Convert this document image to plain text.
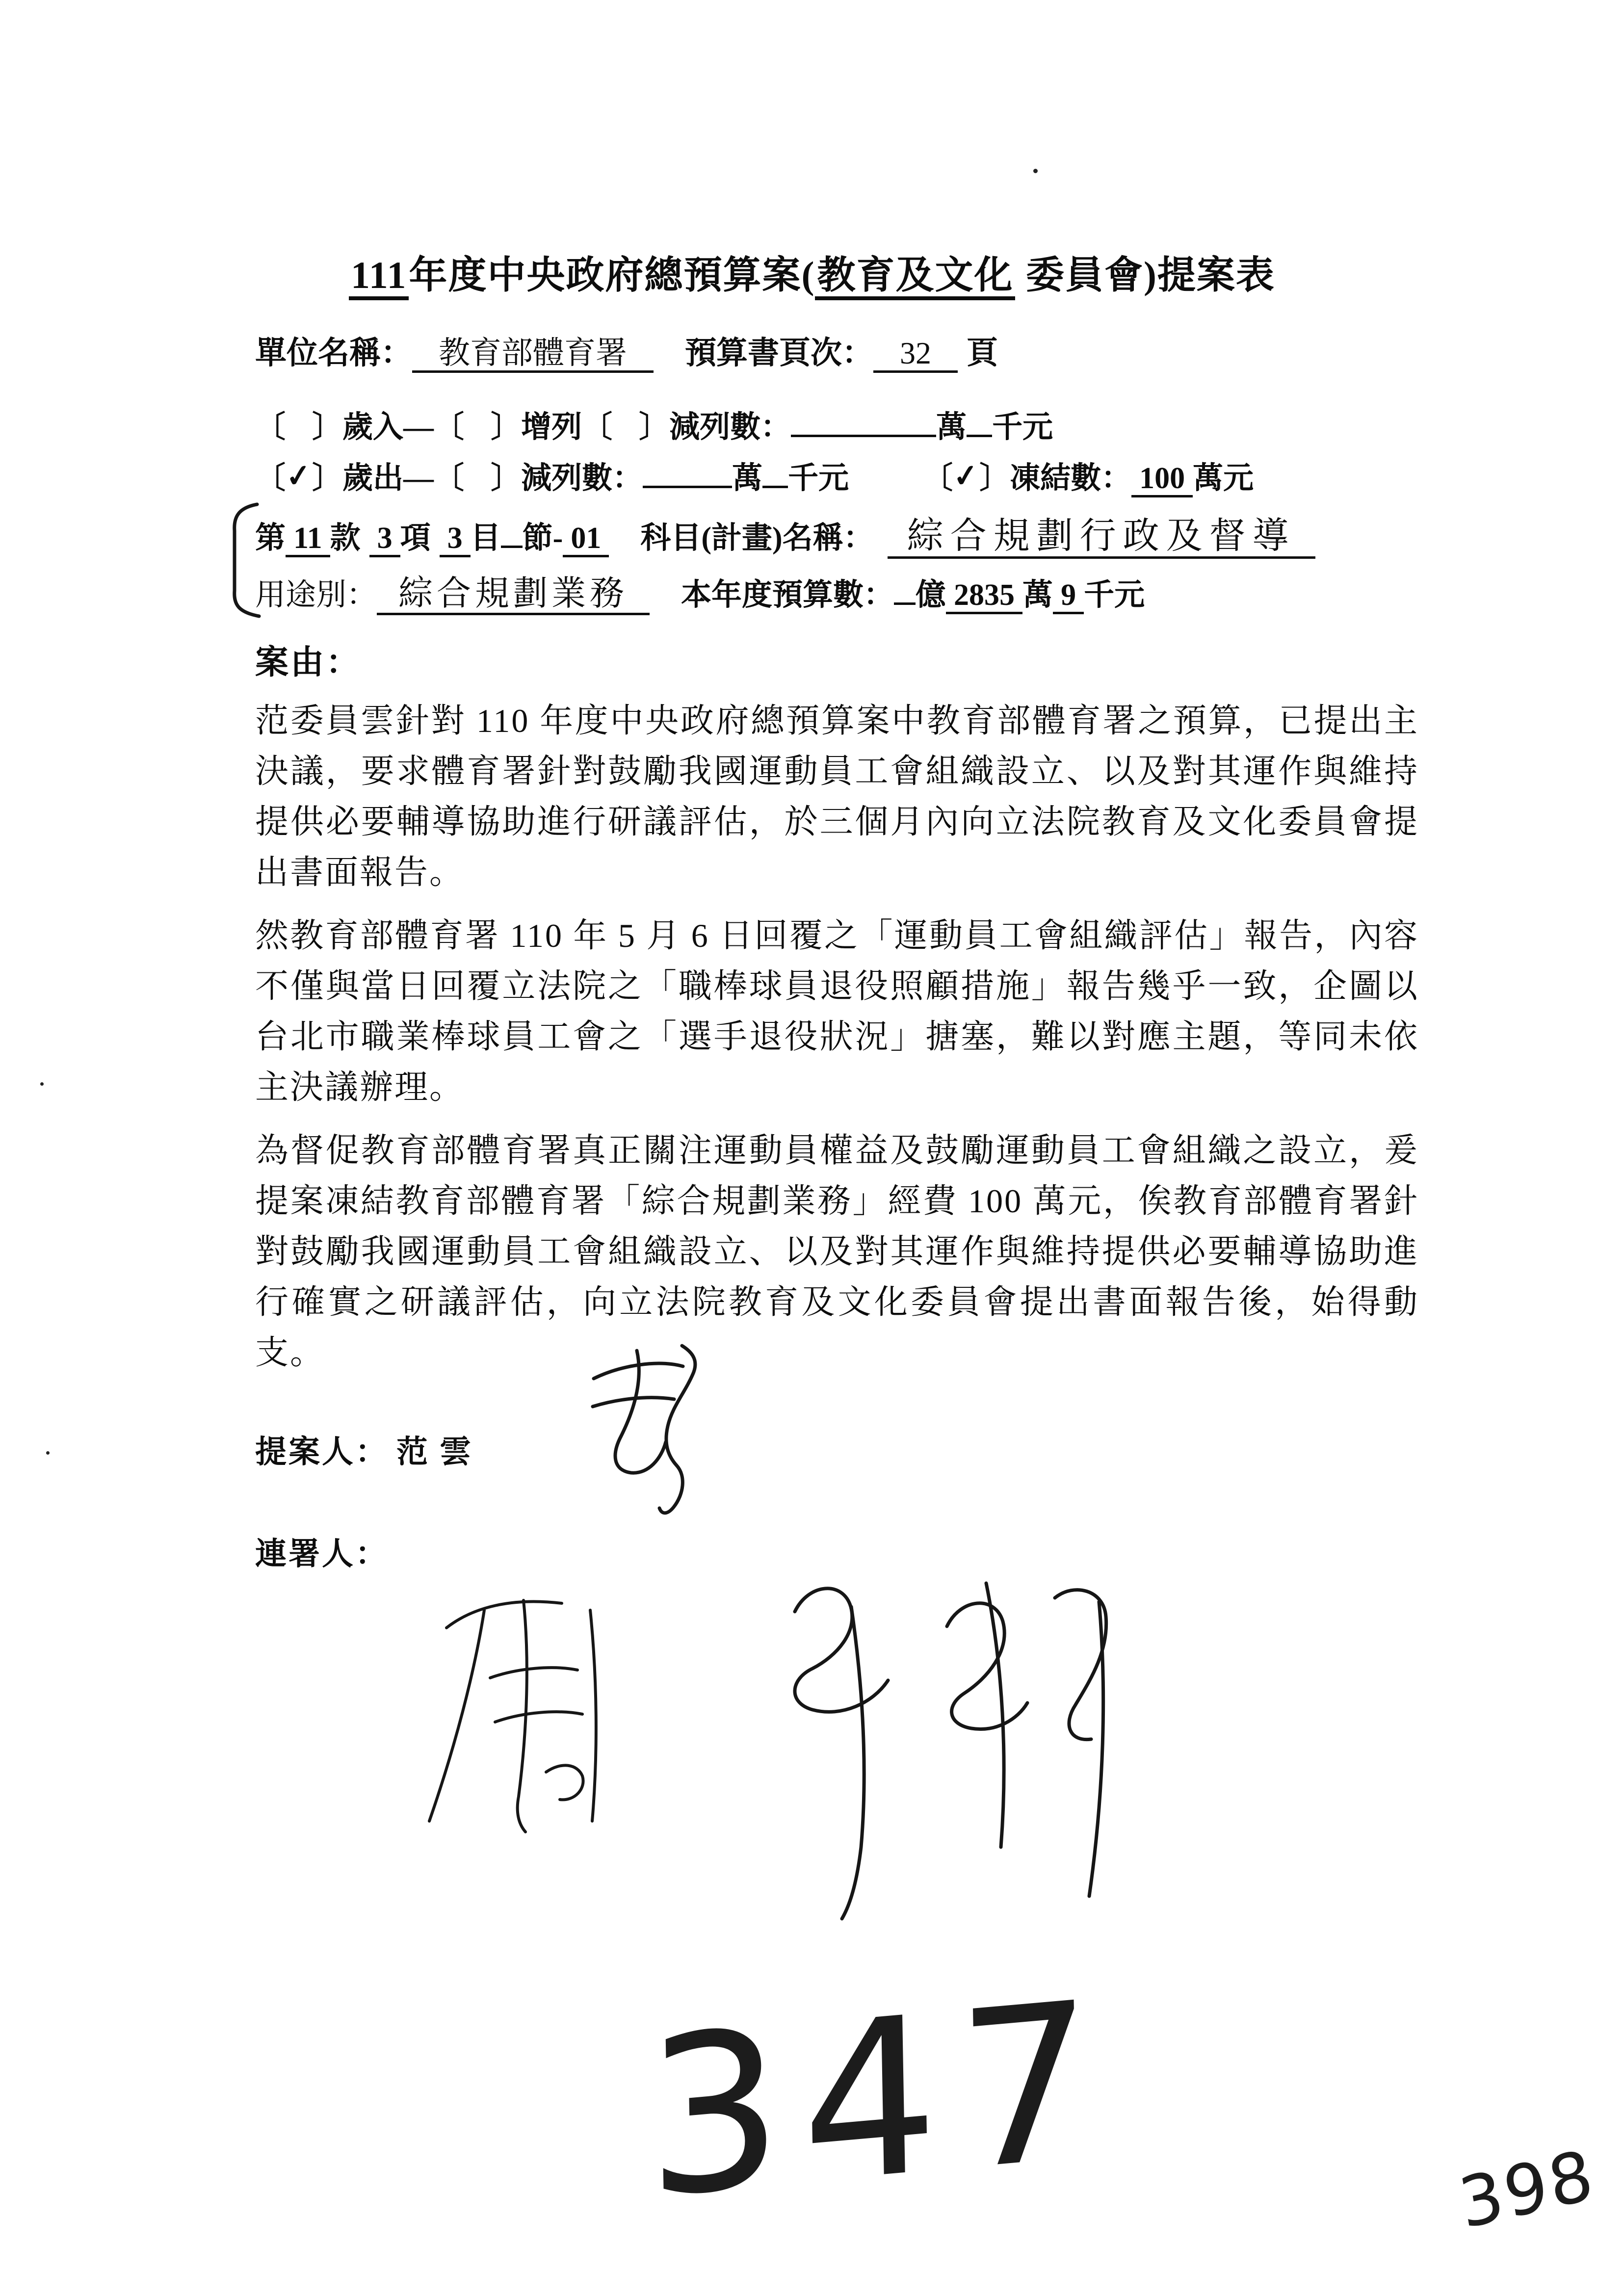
111年度中央政府總預算案(教育及文化 委員會)提案表
單位名稱： 教育部體育署 預算書頁次： 32 頁
〔 〕歲入—〔 〕增列〔 〕減列數：	萬 千元
〔✓〕歲出—〔 〕減列數：	萬 千元 〔✓〕凍結數： 100 萬元
第 11 款 3 項 3 目 節- 01 科目(計畫)名稱： 綜合規劃行政及督導
用途別： 綜合規劃業務 本年度預算數： 億 2835 萬 9 千元
案由：

范委員雲針對 110 年度中央政府總預算案中教育部體育署之預算，已提出主決議，要求體育署針對鼓勵我國運動員工會組織設立、以及對其運作與維持提供必要輔導協助進行研議評估，於三個月內向立法院教育及文化委員會提出書面報告。

然教育部體育署 110 年 5 月 6 日回覆之「運動員工會組織評估」報告，內容不僅與當日回覆立法院之「職棒球員退役照顧措施」報告幾乎一致，企圖以台北市職業棒球員工會之「選手退役狀況」搪塞，難以對應主題，等同未依主決議辦理。

為督促教育部體育署真正關注運動員權益及鼓勵運動員工會組織之設立，爰提案凍結教育部體育署「綜合規劃業務」經費 100 萬元，俟教育部體育署針對鼓勵我國運動員工會組織設立、以及對其運作與維持提供必要輔導協助進行確實之研議評估，向立法院教育及文化委員會提出書面報告後，始得動支。

提案人： 范 雲
連署人：
347	398
